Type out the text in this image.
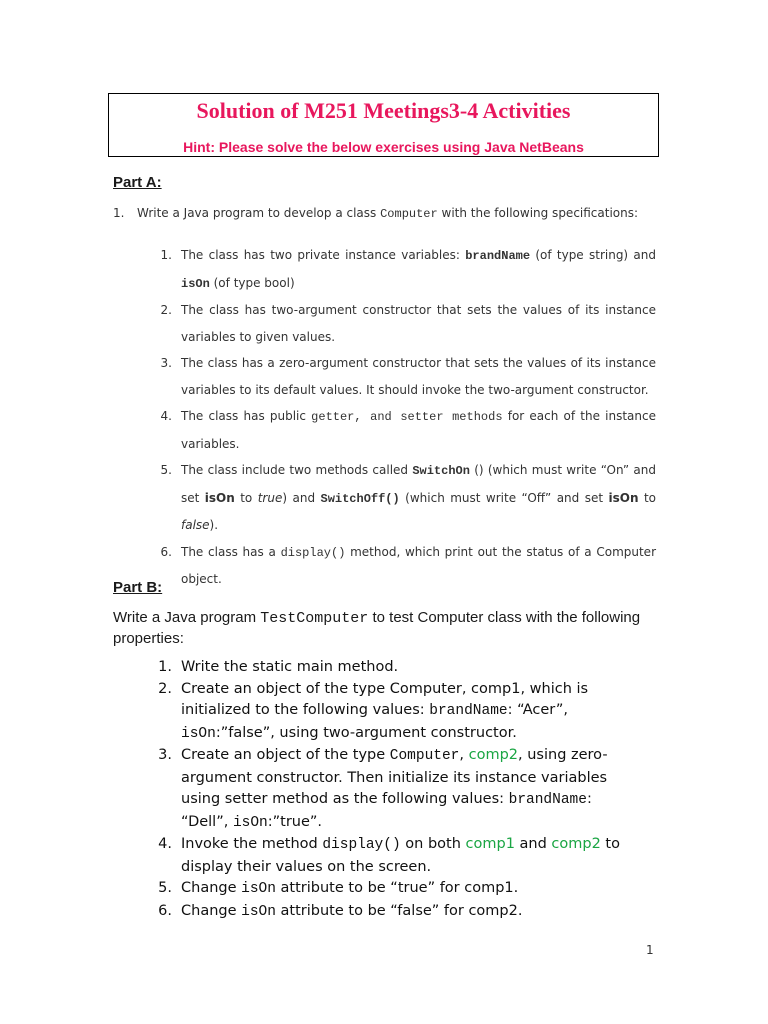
Solution of M251 Meetings3-4 Activities
Hint: Please solve the below exercises using Java NetBeans
Part A:
1. Write a Java program to develop a class Computer with the following specifications:
1. The class has two private instance variables: brandName (of type string) and isOn (of type bool)
2. The class has two-argument constructor that sets the values of its instance variables to given values.
3. The class has a zero-argument constructor that sets the values of its instance variables to its default values. It should invoke the two-argument constructor.
4. The class has public getter, and setter methods for each of the instance variables.
5. The class include two methods called SwitchOn () (which must write “On” and set isOn to true) and SwitchOff() (which must write “Off” and set isOn to false).
6. The class has a display() method, which print out the status of a Computer object.
Part B:
Write a Java program TestComputer to test Computer class with the following properties:
1. Write the static main method.
2. Create an object of the type Computer, comp1, which is initialized to the following values: brandName: “Acer”, isOn:”false”, using two-argument constructor.
3. Create an object of the type Computer, comp2, using zero-argument constructor. Then initialize its instance variables using setter method as the following values: brandName: “Dell”, isOn:”true”.
4. Invoke the method display() on both comp1 and comp2 to display their values on the screen.
5. Change isOn attribute to be “true” for comp1.
6. Change isOn attribute to be “false” for comp2.
1
